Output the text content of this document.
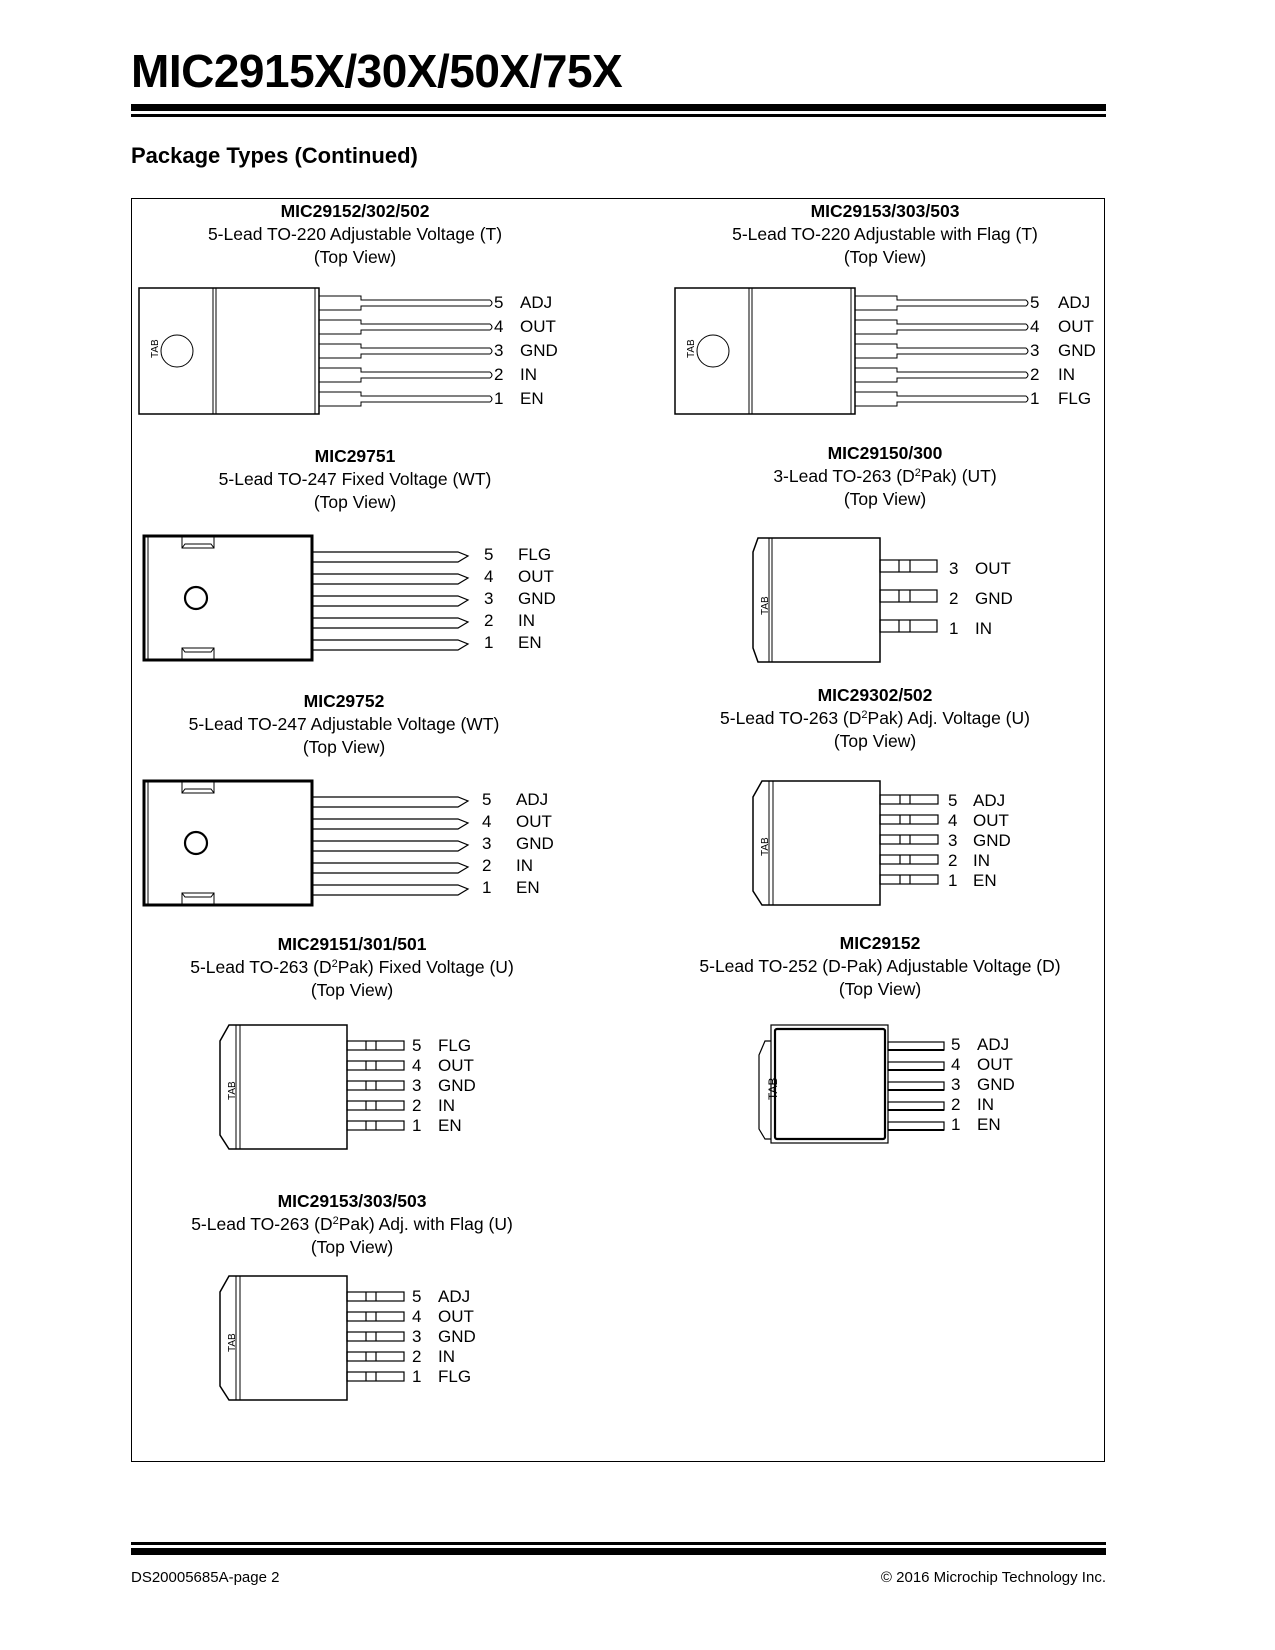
MIC2915X/30X/50X/75X
Package Types (Continued)
MIC29152/302/502
5-Lead TO-220 Adjustable Voltage (T)
(Top View)
TAB
5 ADJ
4 OUT
3 GND
2 IN
1 EN
MIC29153/303/503
5-Lead TO-220 Adjustable with Flag (T)
(Top View)
TAB
5 ADJ
4 OUT
3 GND
2 IN
1 FLG
MIC29751
5-Lead TO-247 Fixed Voltage (WT)
(Top View)
5 FLG
4 OUT
3 GND
2 IN
1 EN
MIC29150/300
3-Lead TO-263 $(D^2Pak)$ (UT)
(Top View)
TAB
3 OUT
2 GND
1 IN
MIC29752
5-Lead TO-247 Adjustable Voltage (WT)
(Top View)
5 ADJ
4 OUT
3 GND
2 IN
1 EN
MIC29302/502
5-Lead TO-263 $(D^2Pak)$ Adj. Voltage (U)
(Top View)
TAB
5 ADJ
4 OUT
3 GND
2 IN
1 EN
MIC29151/301/501
5-Lead TO-263 $(D^2Pak)$ Fixed Voltage (U)
(Top View)
TAB
5 FLG
4 OUT
3 GND
2 IN
1 EN
MIC29152
5-Lead TO-252 (D-Pak) Adjustable Voltage (D)
(Top View)
TAB
5 ADJ
4 OUT
3 GND
2 IN
1 EN
MIC29153/303/503
5-Lead TO-263 $(D^2Pak)$ Adj. with Flag (U)
(Top View)
TAB
5 ADJ
4 OUT
3 GND
2 IN
1 FLG
DS20005685A-page 2	© 2016 Microchip Technology Inc.
